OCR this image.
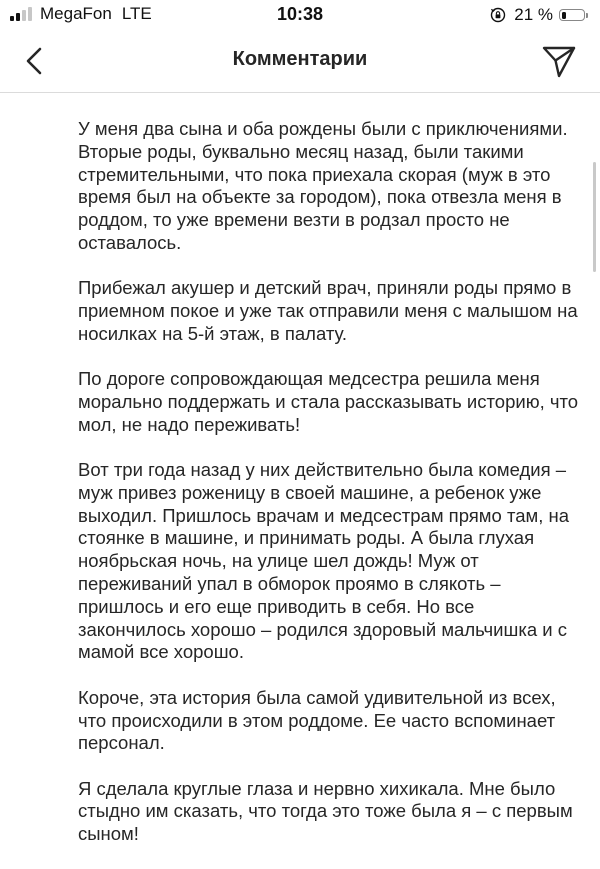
MegaFon LTE	10:38	21 %
Комментарии

У меня два сына и оба рождены были с приключениями. Вторые роды, буквально месяц назад, были такими стремительными, что пока приехала скорая (муж в это время был на объекте за городом), пока отвезла меня в роддом, то уже времени везти в родзал просто не оставалось.

Прибежал акушер и детский врач, приняли роды прямо в приемном покое и уже так отправили меня с малышом на носилках на 5-й этаж, в палату.

По дороге сопровождающая медсестра решила меня морально поддержать и стала рассказывать историю, что мол, не надо переживать!

Вот три года назад у них действительно была комедия – муж привез роженицу в своей машине, а ребенок уже выходил. Пришлось врачам и медсестрам прямо там, на стоянке в машине, и принимать роды. А была глухая ноябрьская ночь, на улице шел дождь! Муж от переживаний упал в обморок проямо в слякоть – пришлось и его еще приводить в себя. Но все закончилось хорошо – родился здоровый мальчишка и с мамой все хорошо.

Короче, эта история была самой удивительной из всех, что происходили в этом роддоме. Ее часто вспоминает персонал.

Я сделала круглые глаза и нервно хихикала. Мне было стыдно им сказать, что тогда это тоже была я – с первым сыном!
